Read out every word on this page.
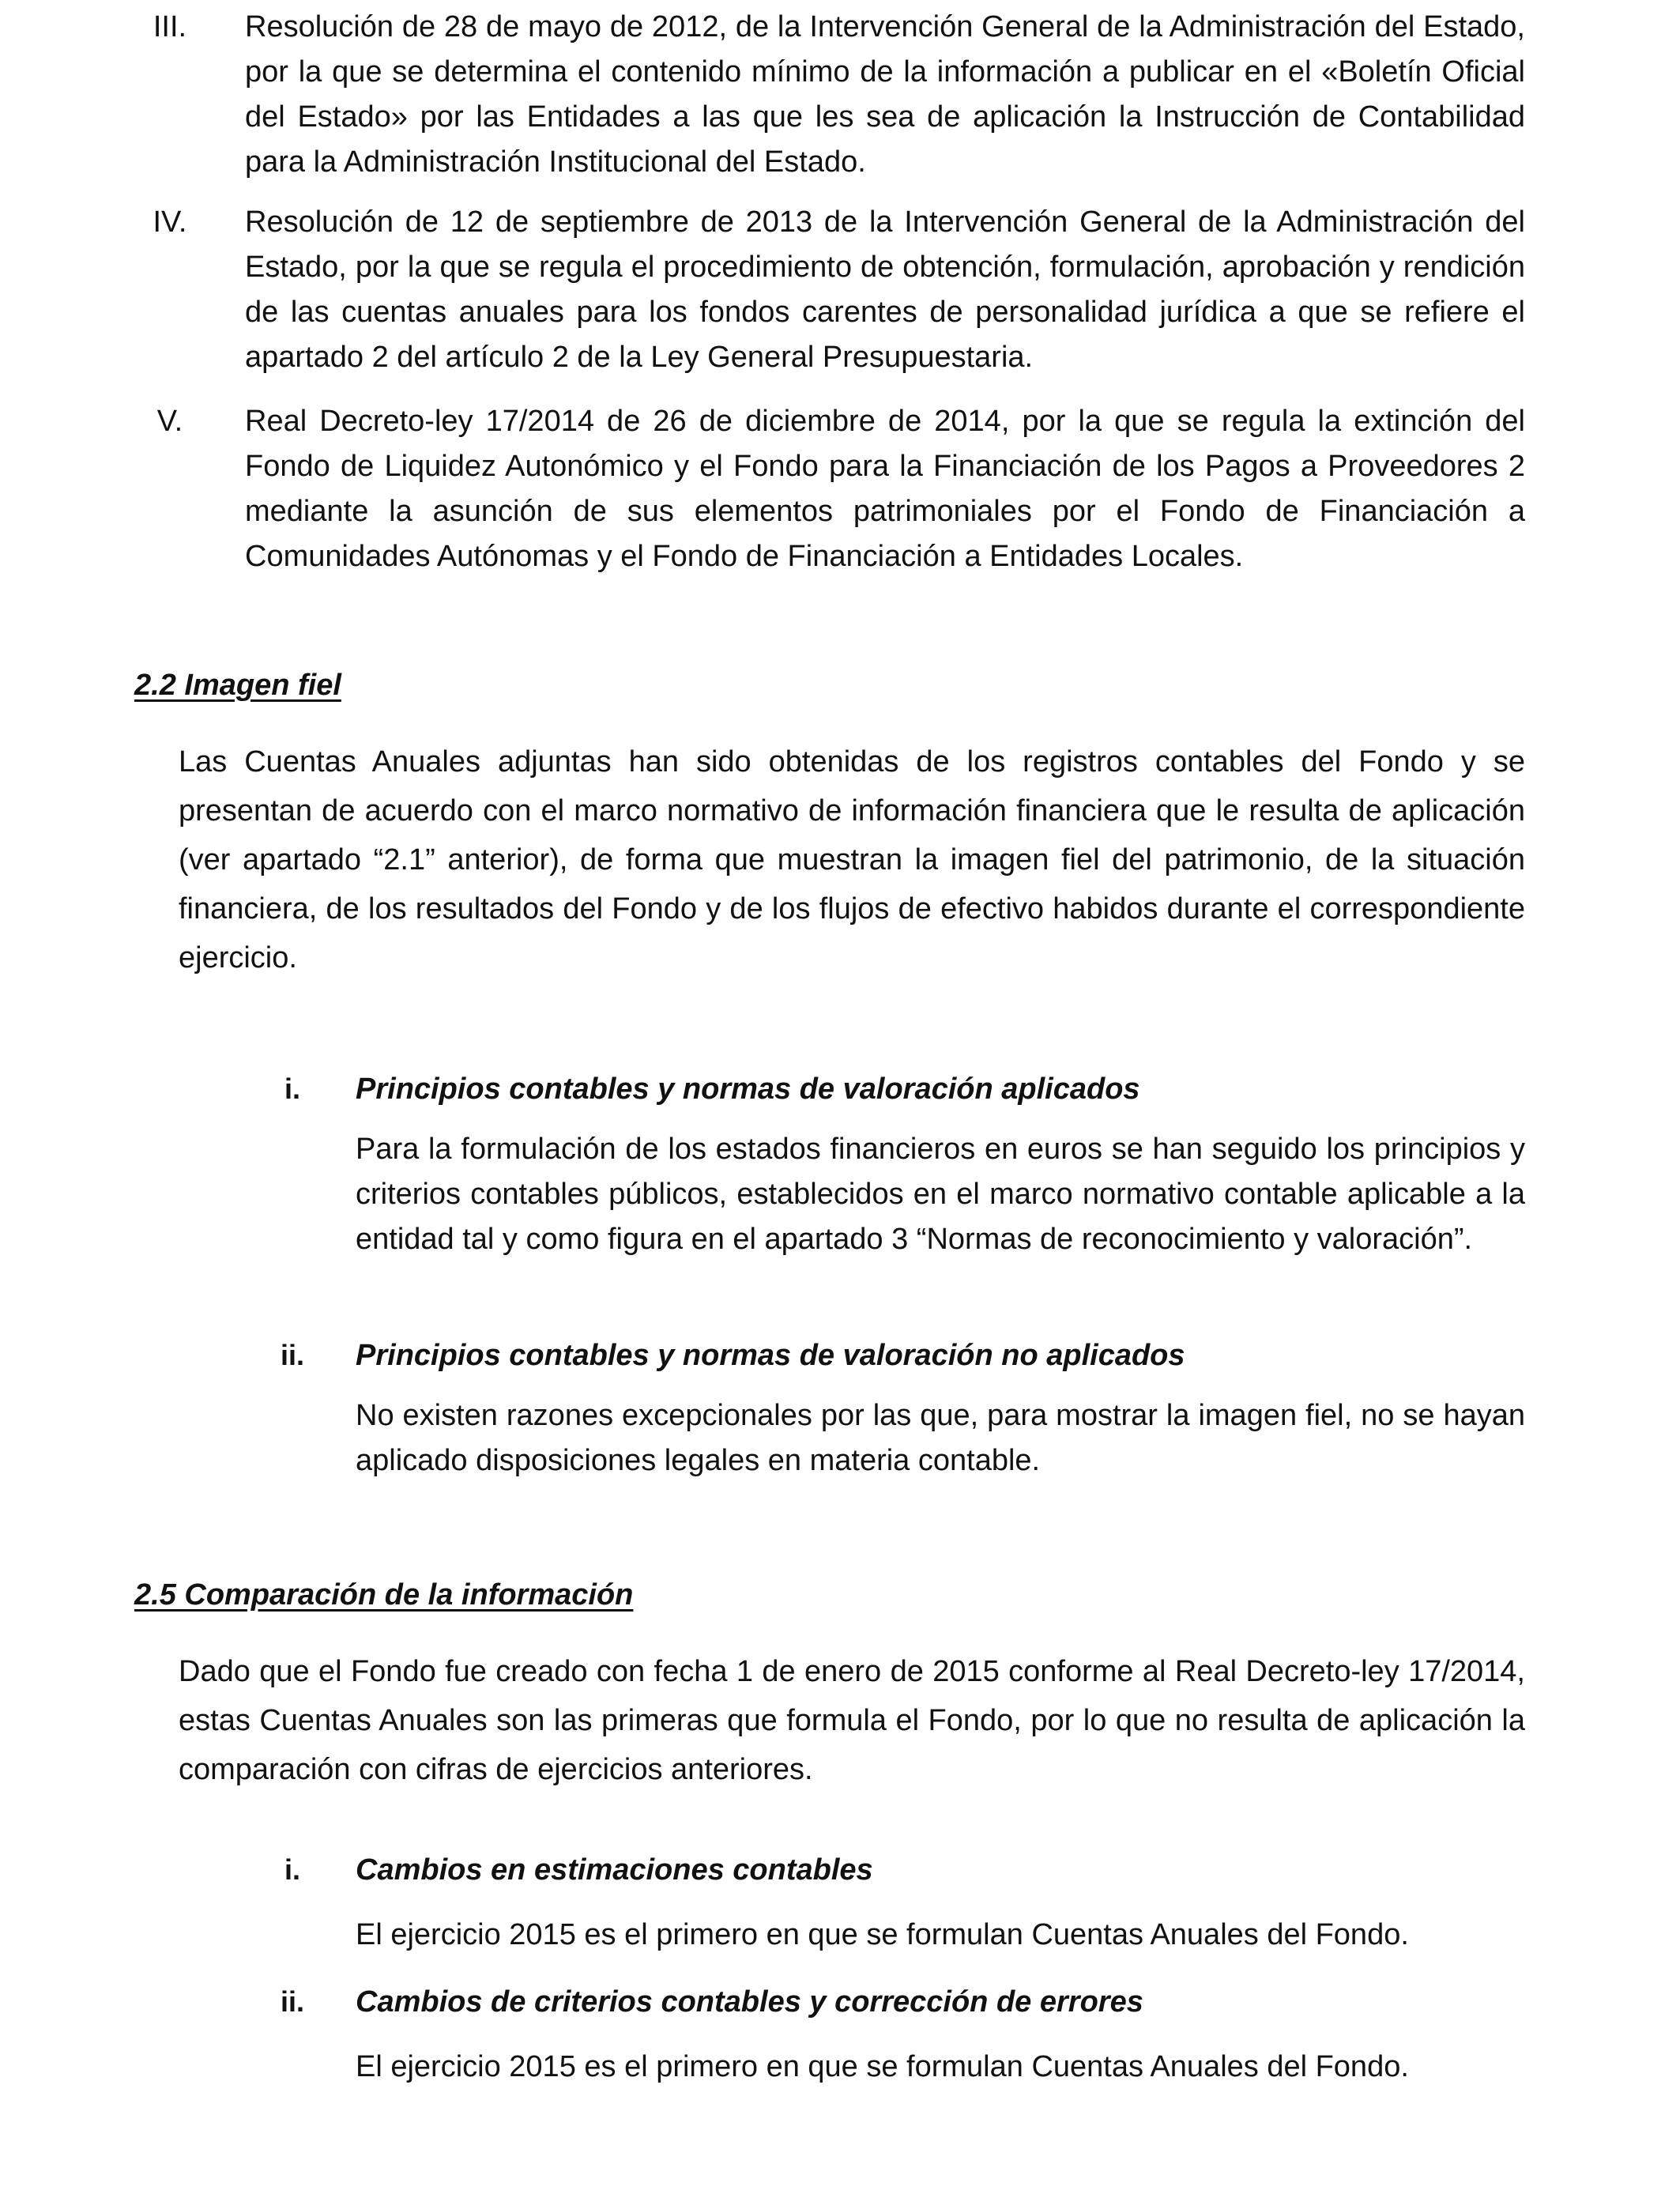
III.	Resolución de 28 de mayo de 2012, de la Intervención General de la Administración del Estado, por la que se determina el contenido mínimo de la información a publicar en el «Boletín Oficial del Estado» por las Entidades a las que les sea de aplicación la Instrucción de Contabilidad para la Administración Institucional del Estado.
IV.	Resolución de 12 de septiembre de 2013 de la Intervención General de la Administración del Estado, por la que se regula el procedimiento de obtención, formulación, aprobación y rendición de las cuentas anuales para los fondos carentes de personalidad jurídica a que se refiere el apartado 2 del artículo 2 de la Ley General Presupuestaria.
V.	Real Decreto-ley 17/2014 de 26 de diciembre de 2014, por la que se regula la extinción del Fondo de Liquidez Autonómico y el Fondo para la Financiación de los Pagos a Proveedores 2 mediante la asunción de sus elementos patrimoniales por el Fondo de Financiación a Comunidades Autónomas y el Fondo de Financiación a Entidades Locales.
2.2 Imagen fiel
Las Cuentas Anuales adjuntas han sido obtenidas de los registros contables del Fondo y se presentan de acuerdo con el marco normativo de información financiera que le resulta de aplicación (ver apartado “2.1” anterior), de forma que muestran la imagen fiel del patrimonio, de la situación financiera, de los resultados del Fondo y de los flujos de efectivo habidos durante el correspondiente ejercicio.
i.	Principios contables y normas de valoración aplicados
Para la formulación de los estados financieros en euros se han seguido los principios y criterios contables públicos, establecidos en el marco normativo contable aplicable a la entidad tal y como figura en el apartado 3 “Normas de reconocimiento y valoración”.
ii.	Principios contables y normas de valoración no aplicados
No existen razones excepcionales por las que, para mostrar la imagen fiel, no se hayan aplicado disposiciones legales en materia contable.
2.5 Comparación de la información
Dado que el Fondo fue creado con fecha 1 de enero de 2015 conforme al Real Decreto-ley 17/2014, estas Cuentas Anuales son las primeras que formula el Fondo, por lo que no resulta de aplicación la comparación con cifras de ejercicios anteriores.
i.	Cambios en estimaciones contables
El ejercicio 2015 es el primero en que se formulan Cuentas Anuales del Fondo.
ii.	Cambios de criterios contables y corrección de errores
El ejercicio 2015 es el primero en que se formulan Cuentas Anuales del Fondo.
